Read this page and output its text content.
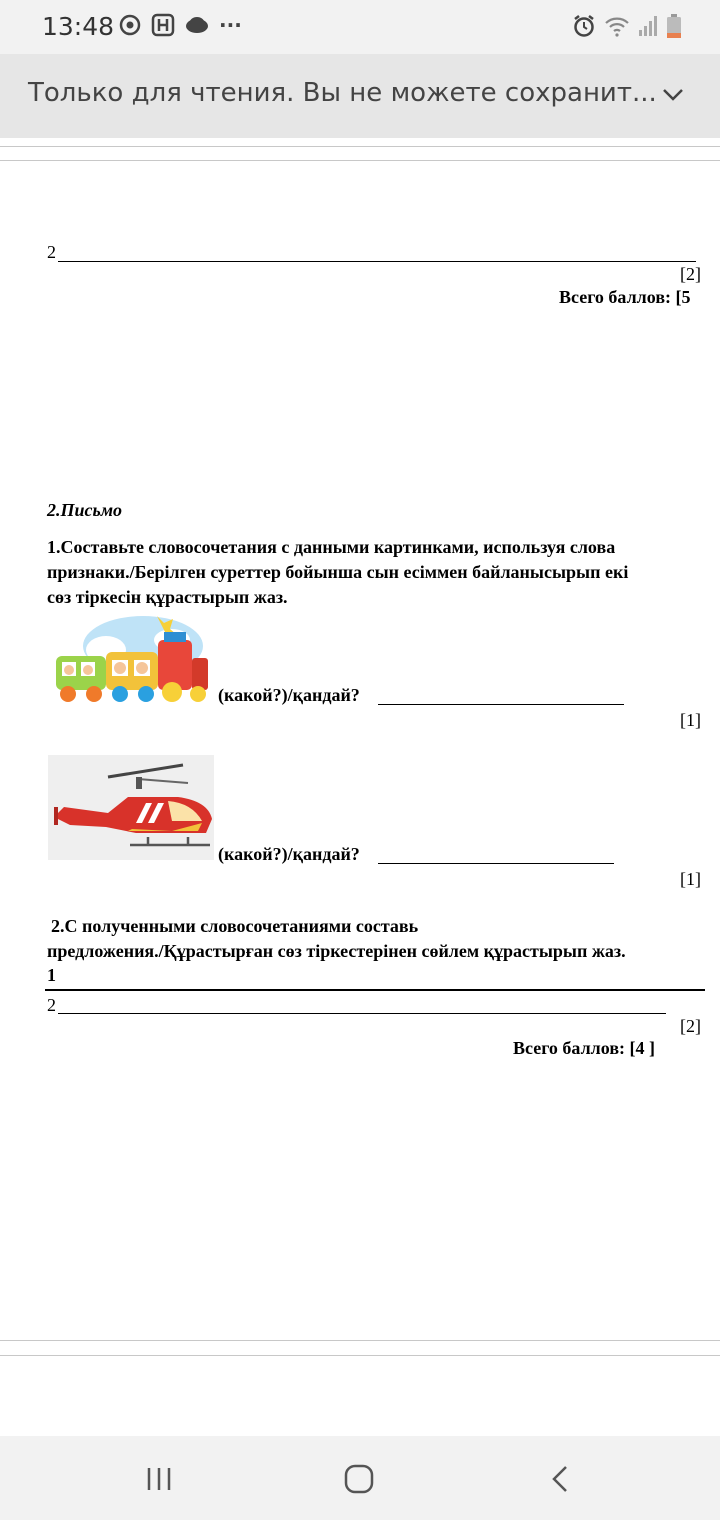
13:48	···
Только для чтения. Вы не можете сохранит...
2
[2]
Всего баллов: [5
2.Письмо
1.Составьте словосочетания с данными картинками, используя слова
признаки./Берілген суреттер бойынша сын есіммен байланысырып екі
сөз тіркесін құрастырып жаз.
(какой?)/қандай?
[1]
(какой?)/қандай?
[1]
2.С полученными словосочетаниями составь
предложения./Құрастырған сөз тіркестерінен сөйлем құрастырып жаз.
1
2
[2]
Всего баллов: [4 ]
